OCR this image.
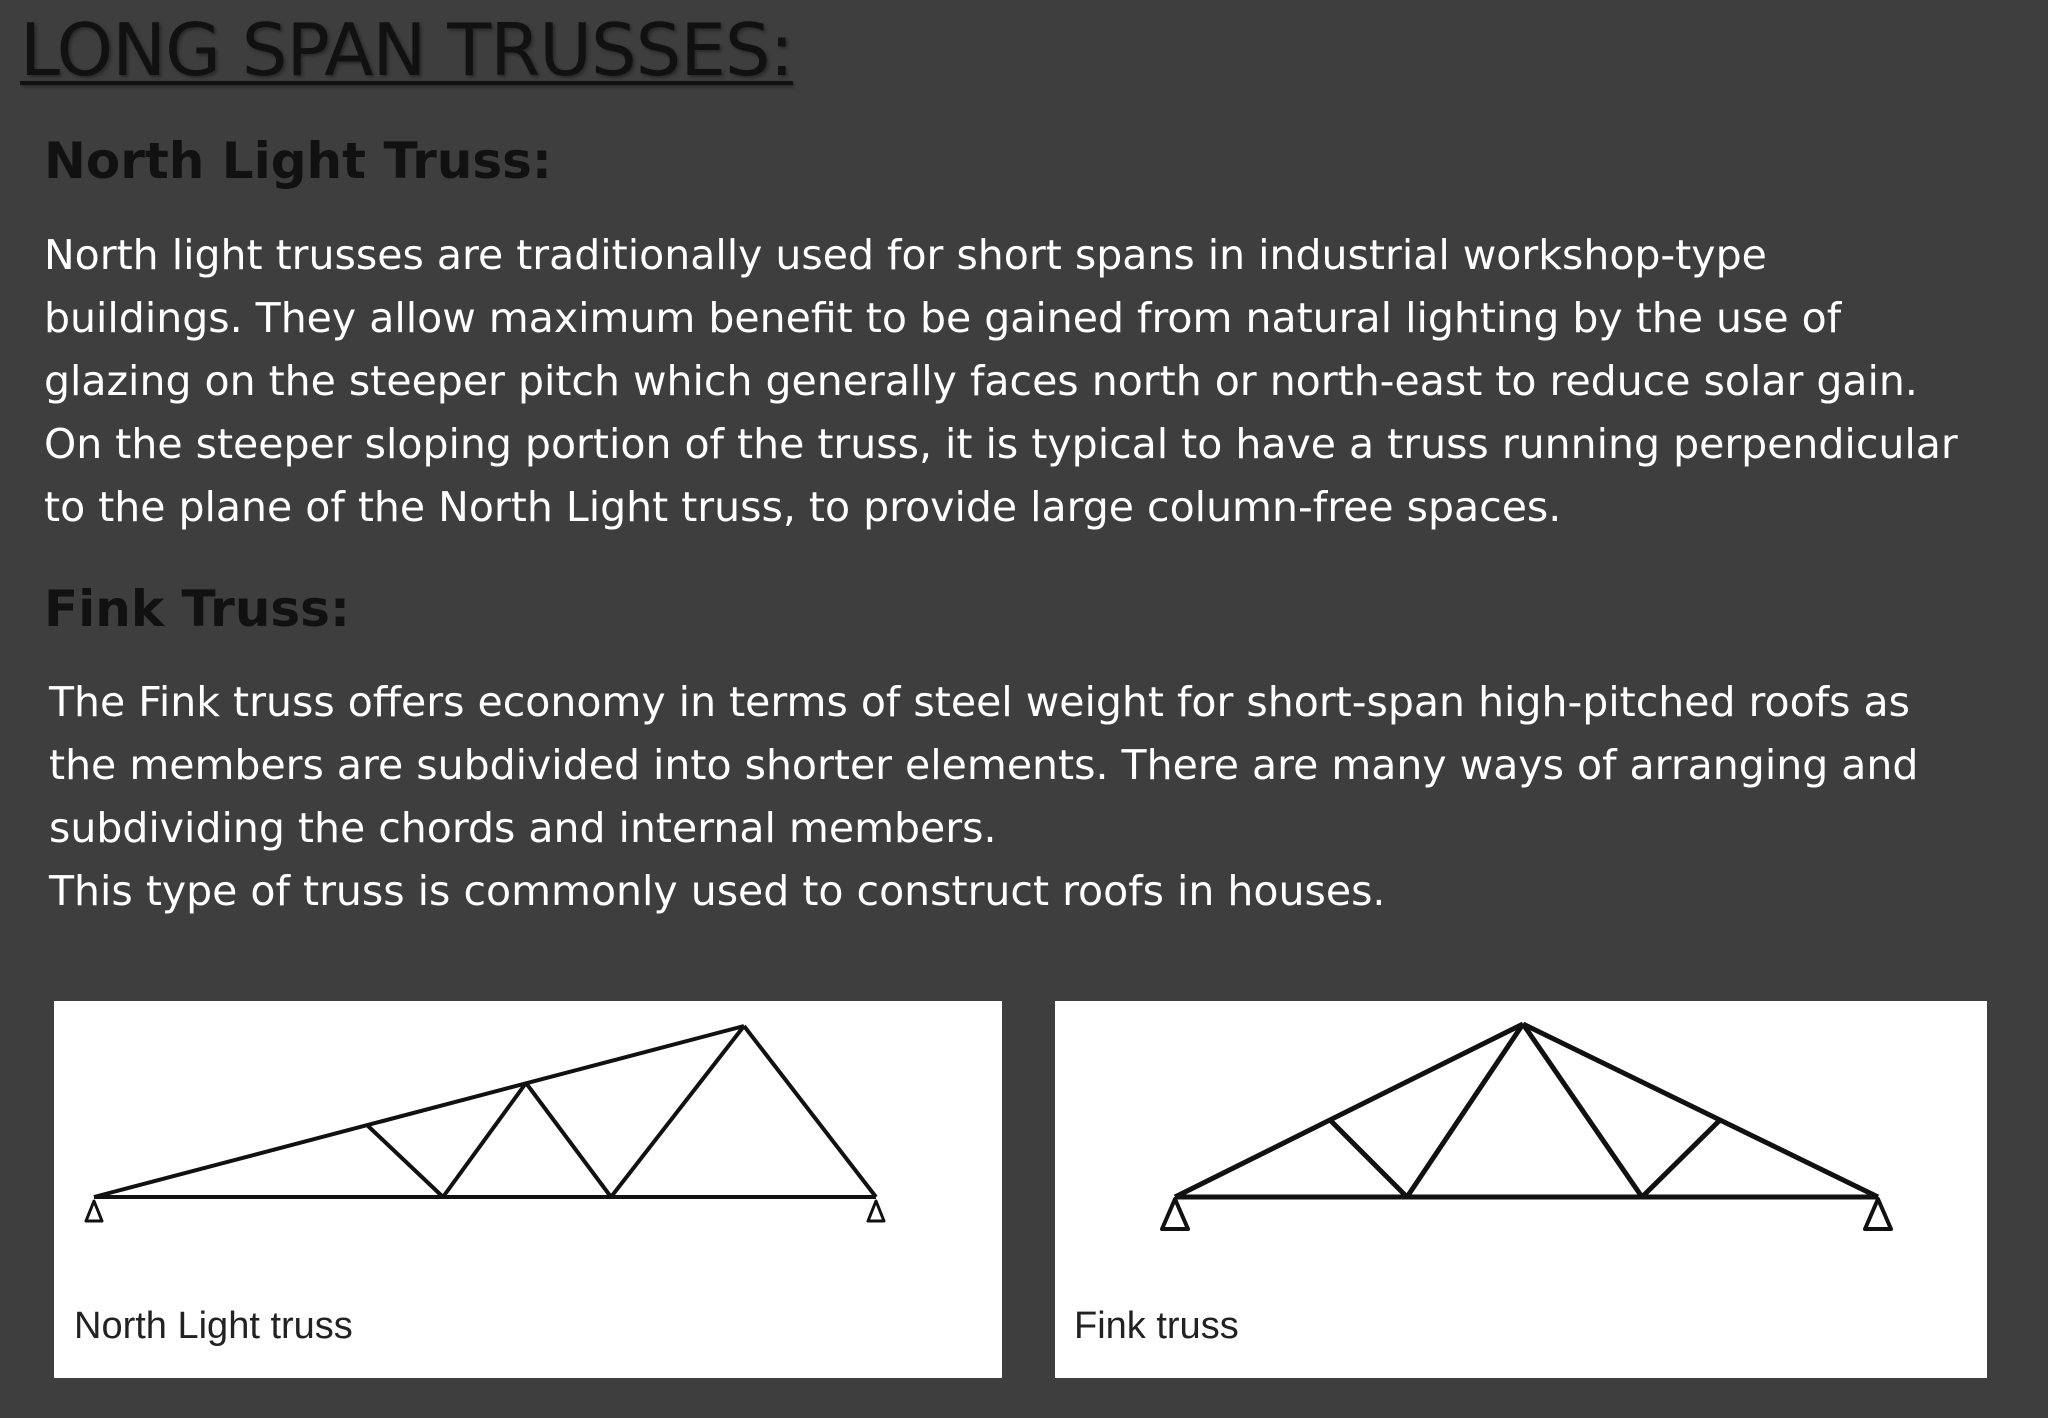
LONG SPAN TRUSSES:
North Light Truss:

North light trusses are traditionally used for short spans in industrial workshop-type

buildings. They allow maximum benefit to be gained from natural lighting by the use of

glazing on the steeper pitch which generally faces north or north-east to reduce solar gain.

On the steeper sloping portion of the truss, it is typical to have a truss running perpendicular

to the plane of the North Light truss, to provide large column-free spaces.

Fink Truss:

The Fink truss offers economy in terms of steel weight for short-span high-pitched roofs as

the members are subdivided into shorter elements. There are many ways of arranging and

subdividing the chords and internal members.

This type of truss is commonly used to construct roofs in houses.

North Light truss	Fink truss
